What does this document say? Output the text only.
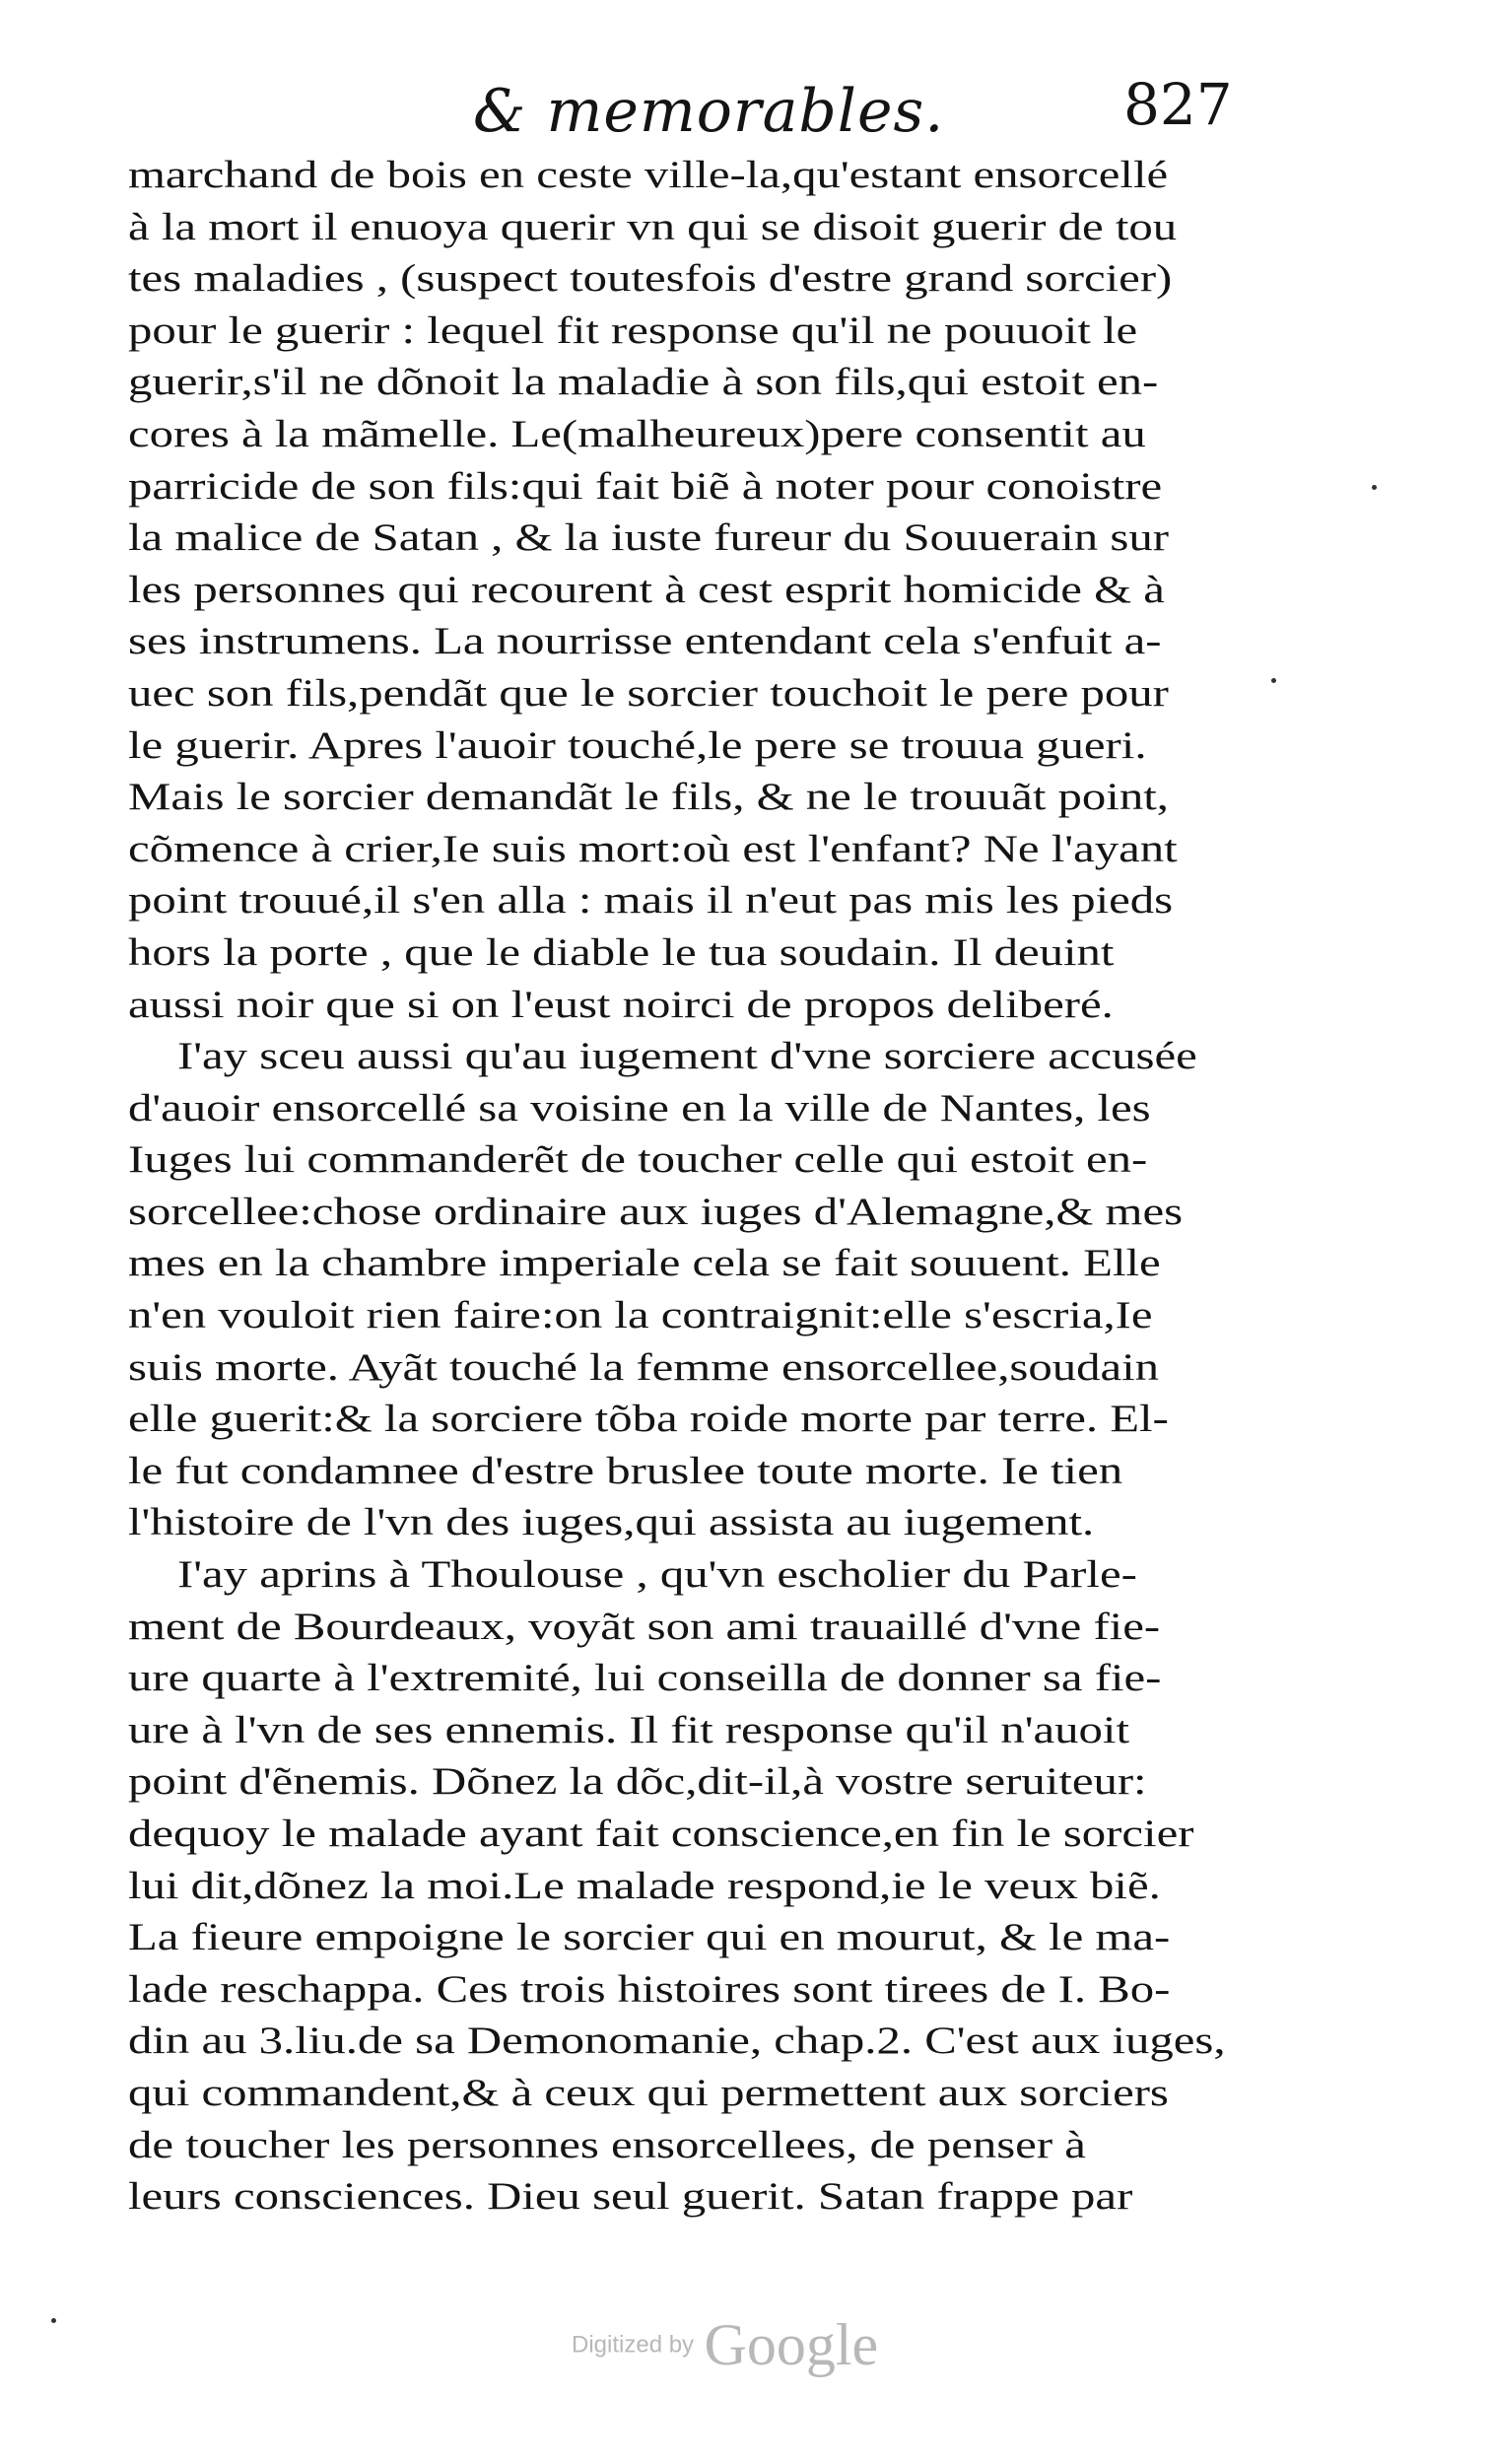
& memorables.	827
marchand de bois en ceste ville-la,qu'estant ensorcellé
à la mort il enuoya querir vn qui se disoit guerir de tou
tes maladies , (suspect toutesfois d'estre grand sorcier)
pour le guerir : lequel fit response qu'il ne pouuoit le
guerir,s'il ne dõnoit la maladie à son fils,qui estoit en-
cores à la mãmelle. Le(malheureux)pere consentit au
parricide de son fils:qui fait biẽ à noter pour conoistre
la malice de Satan , & la iuste fureur du Souuerain sur
les personnes qui recourent à cest esprit homicide & à
ses instrumens. La nourrisse entendant cela s'enfuit a-
uec son fils,pendãt que le sorcier touchoit le pere pour
le guerir. Apres l'auoir touché,le pere se trouua gueri.
Mais le sorcier demandãt le fils, & ne le trouuãt point,
cõmence à crier,Ie suis mort:où est l'enfant? Ne l'ayant
point trouué,il s'en alla : mais il n'eut pas mis les pieds
hors la porte , que le diable le tua soudain. Il deuint
aussi noir que si on l'eust noirci de propos deliberé.
I'ay sceu aussi qu'au iugement d'vne sorciere accusée
d'auoir ensorcellé sa voisine en la ville de Nantes, les
Iuges lui commanderẽt de toucher celle qui estoit en-
sorcellee:chose ordinaire aux iuges d'Alemagne,& mes
mes en la chambre imperiale cela se fait souuent. Elle
n'en vouloit rien faire:on la contraignit:elle s'escria,Ie
suis morte. Ayãt touché la femme ensorcellee,soudain
elle guerit:& la sorciere tõba roide morte par terre. El-
le fut condamnee d'estre bruslee toute morte. Ie tien
l'histoire de l'vn des iuges,qui assista au iugement.
I'ay aprins à Thoulouse , qu'vn escholier du Parle-
ment de Bourdeaux, voyãt son ami trauaillé d'vne fie-
ure quarte à l'extremité, lui conseilla de donner sa fie-
ure à l'vn de ses ennemis. Il fit response qu'il n'auoit
point d'ẽnemis. Dõnez la dõc,dit-il,à vostre seruiteur:
dequoy le malade ayant fait conscience,en fin le sorcier
lui dit,dõnez la moi.Le malade respond,ie le veux biẽ.
La fieure empoigne le sorcier qui en mourut, & le ma-
lade reschappa. Ces trois histoires sont tirees de I. Bo-
din au 3.liu.de sa Demonomanie, chap.2. C'est aux iuges,
qui commandent,& à ceux qui permettent aux sorciers
de toucher les personnes ensorcellees, de penser à
leurs consciences. Dieu seul guerit. Satan frappe par
Digitized by Google
